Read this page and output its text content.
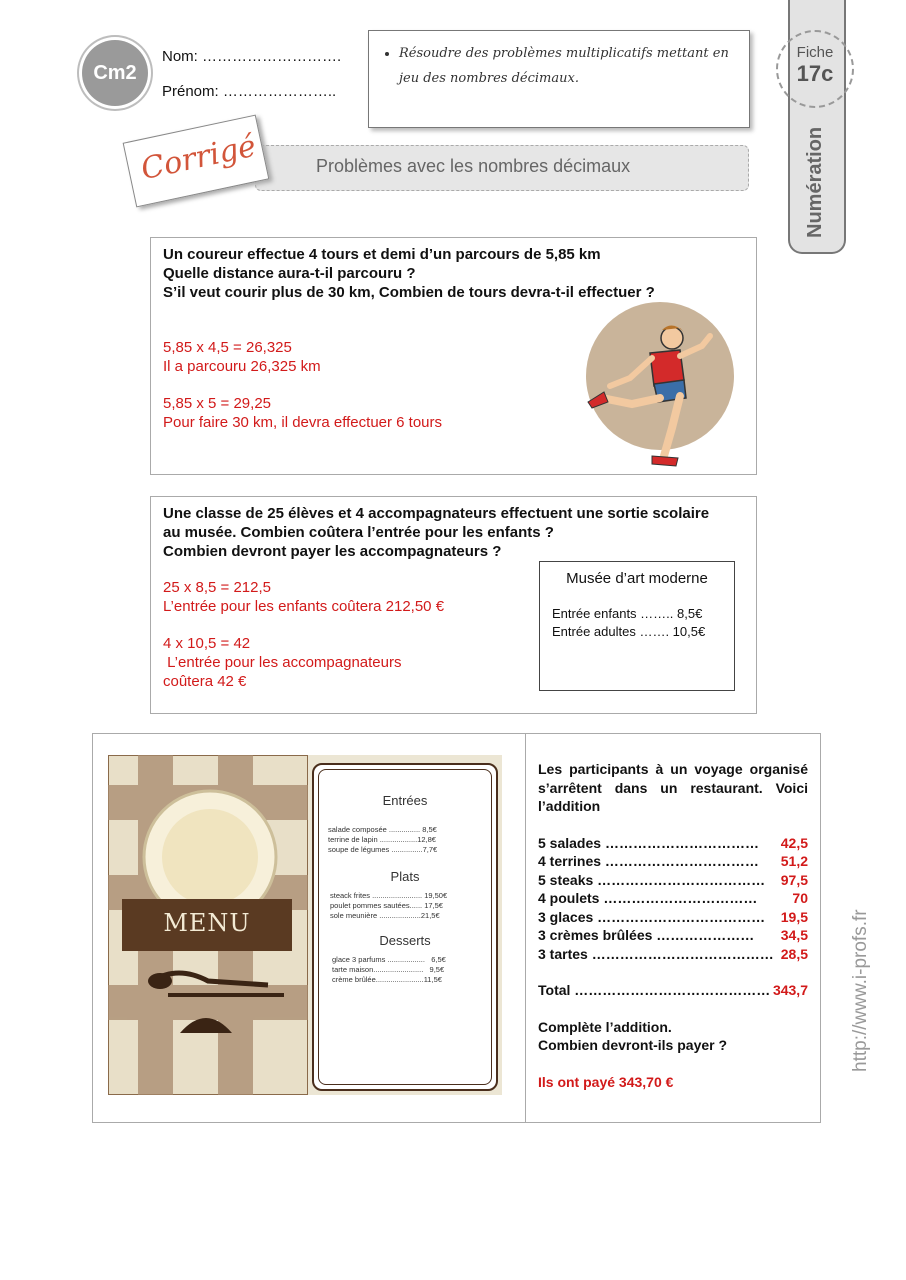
Cm2
Nom: ……………………….
Prénom: …………………..
• Résoudre des problèmes multiplicatifs mettant en jeu des nombres décimaux.
Numération
Fiche
17c
Problèmes avec les nombres décimaux
Corrigé
Un coureur effectue 4 tours et demi d’un parcours de 5,85 km
Quelle distance aura-t-il parcouru ?
S’il veut courir plus de 30 km, Combien de tours devra-t-il effectuer ?
5,85 x 4,5 = 26,325
Il a parcouru 26,325 km
5,85 x 5 = 29,25
Pour faire 30 km, il devra effectuer 6 tours
Une classe de 25 élèves et 4 accompagnateurs effectuent une sortie scolaire
au musée. Combien coûtera l’entrée pour les enfants ?
Combien devront payer les accompagnateurs ?
25 x 8,5 = 212,5
L’entrée pour les enfants coûtera 212,50 €
4 x 10,5 = 42
L’entrée pour les accompagnateurs
coûtera 42 €
Musée d’art moderne
Entrée enfants …….. 8,5€
Entrée adultes ……. 10,5€
MENU
Entrées
salade composée ............... 8,5€
terrine de lapin ..................12,8€
soupe de légumes ...............7,7€
Plats
steack frites ........................ 19,50€
poulet pommes sautées...... 17,5€
sole meunière ....................21,5€
Desserts
glace 3 parfums ..................   6,5€
tarte maison........................   9,5€
crème brûlée.......................11,5€
Les participants à un voyage organisé s’arrêtent dans un restaurant. Voici l’addition
5 salades …………………………… 42,5
4 terrines …………………………… 51,2
5 steaks ……………………………… 97,5
4 poulets ……………………………	70
3 glaces ……………………………… 19,5
3 crèmes brûlées ………………… 34,5
3 tartes ………………………………… 28,5
Total …………………………………… 343,7
Complète l’addition.
Combien devront-ils payer ?
Ils ont payé 343,70 €
http://www.i-profs.fr
